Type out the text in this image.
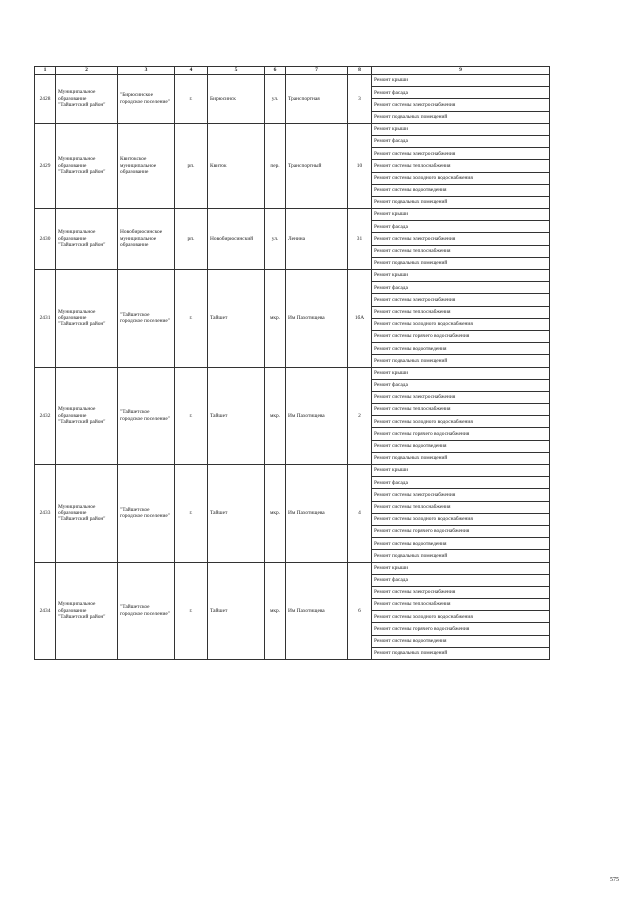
1	2	3	4	5	6	7	8	9
2428	Муниципальное образование "Тайшетский район"	"Бирюсинское городское поселение"	г.	Бирюсинск	ул.	Транспортная	3	Ремонт крыши
								Ремонт фасада
								Ремонт системы электроснабжения
								Ремонт подвальных помещений
2429	Муниципальное образование "Тайшетский район"	Квитокское муниципальное образование	рп.	Квиток	пер.	Транспортный	10	Ремонт крыши
								Ремонт фасада
								Ремонт системы электроснабжения
								Ремонт системы теплоснабжения
								Ремонт системы холодного водоснабжения
								Ремонт системы водоотведения
								Ремонт подвальных помещений
2430	Муниципальное образование "Тайшетский район"	Новобирюсинское муниципальное образование	рп.	Новобирюсинский	ул.	Ленина	31	Ремонт крыши
								Ремонт фасада
								Ремонт системы электроснабжения
								Ремонт системы теплоснабжения
								Ремонт подвальных помещений
2431	Муниципальное образование "Тайшетский район"	"Тайшетское городское поселение"	г.	Тайшет	мкр.	Им Пахотищева	1бА	Ремонт крыши
								Ремонт фасада
								Ремонт системы электроснабжения
								Ремонт системы теплоснабжения
								Ремонт системы холодного водоснабжения
								Ремонт системы горячего водоснабжения
								Ремонт системы водоотведения
								Ремонт подвальных помещений
2432	Муниципальное образование "Тайшетский район"	"Тайшетское городское поселение"	г.	Тайшет	мкр.	Им Пахотищева	2	Ремонт крыши
								Ремонт фасада
								Ремонт системы электроснабжения
								Ремонт системы теплоснабжения
								Ремонт системы холодного водоснабжения
								Ремонт системы горячего водоснабжения
								Ремонт системы водоотведения
								Ремонт подвальных помещений
2433	Муниципальное образование "Тайшетский район"	"Тайшетское городское поселение"	г.	Тайшет	мкр.	Им Пахотищева	4	Ремонт крыши
								Ремонт фасада
								Ремонт системы электроснабжения
								Ремонт системы теплоснабжения
								Ремонт системы холодного водоснабжения
								Ремонт системы горячего водоснабжения
								Ремонт системы водоотведения
								Ремонт подвальных помещений
2434	Муниципальное образование "Тайшетский район"	"Тайшетское городское поселение"	г.	Тайшет	мкр.	Им Пахотищева	6	Ремонт крыши
								Ремонт фасада
								Ремонт системы электроснабжения
								Ремонт системы теплоснабжения
								Ремонт системы холодного водоснабжения
								Ремонт системы горячего водоснабжения
								Ремонт системы водоотведения
								Ремонт подвальных помещений
575
